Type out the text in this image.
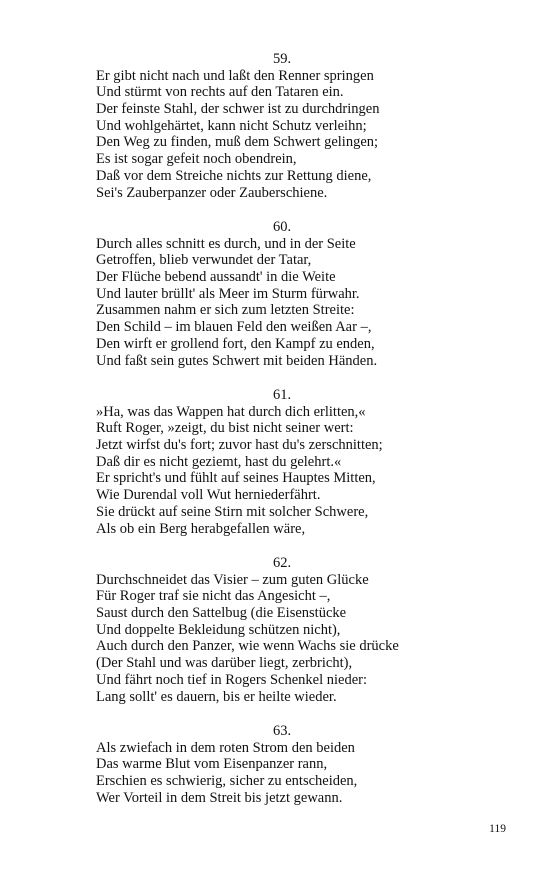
59.
Er gibt nicht nach und laßt den Renner springen
Und stürmt von rechts auf den Tataren ein.
Der feinste Stahl, der schwer ist zu durchdringen
Und wohlgehärtet, kann nicht Schutz verleihn;
Den Weg zu finden, muß dem Schwert gelingen;
Es ist sogar gefeit noch obendrein,
Daß vor dem Streiche nichts zur Rettung diene,
Sei's Zauberpanzer oder Zauberschiene.
60.
Durch alles schnitt es durch, und in der Seite
Getroffen, blieb verwundet der Tatar,
Der Flüche bebend aussandt' in die Weite
Und lauter brüllt' als Meer im Sturm fürwahr.
Zusammen nahm er sich zum letzten Streite:
Den Schild – im blauen Feld den weißen Aar –,
Den wirft er grollend fort, den Kampf zu enden,
Und faßt sein gutes Schwert mit beiden Händen.
61.
»Ha, was das Wappen hat durch dich erlitten,«
Ruft Roger, »zeigt, du bist nicht seiner wert:
Jetzt wirfst du's fort; zuvor hast du's zerschnitten;
Daß dir es nicht geziemt, hast du gelehrt.«
Er spricht's und fühlt auf seines Hauptes Mitten,
Wie Durendal voll Wut herniederfährt.
Sie drückt auf seine Stirn mit solcher Schwere,
Als ob ein Berg herabgefallen wäre,
62.
Durchschneidet das Visier – zum guten Glücke
Für Roger traf sie nicht das Angesicht –,
Saust durch den Sattelbug (die Eisenstücke
Und doppelte Bekleidung schützen nicht),
Auch durch den Panzer, wie wenn Wachs sie drücke
(Der Stahl und was darüber liegt, zerbricht),
Und fährt noch tief in Rogers Schenkel nieder:
Lang sollt' es dauern, bis er heilte wieder.
63.
Als zwiefach in dem roten Strom den beiden
Das warme Blut vom Eisenpanzer rann,
Erschien es schwierig, sicher zu entscheiden,
Wer Vorteil in dem Streit bis jetzt gewann.
119
